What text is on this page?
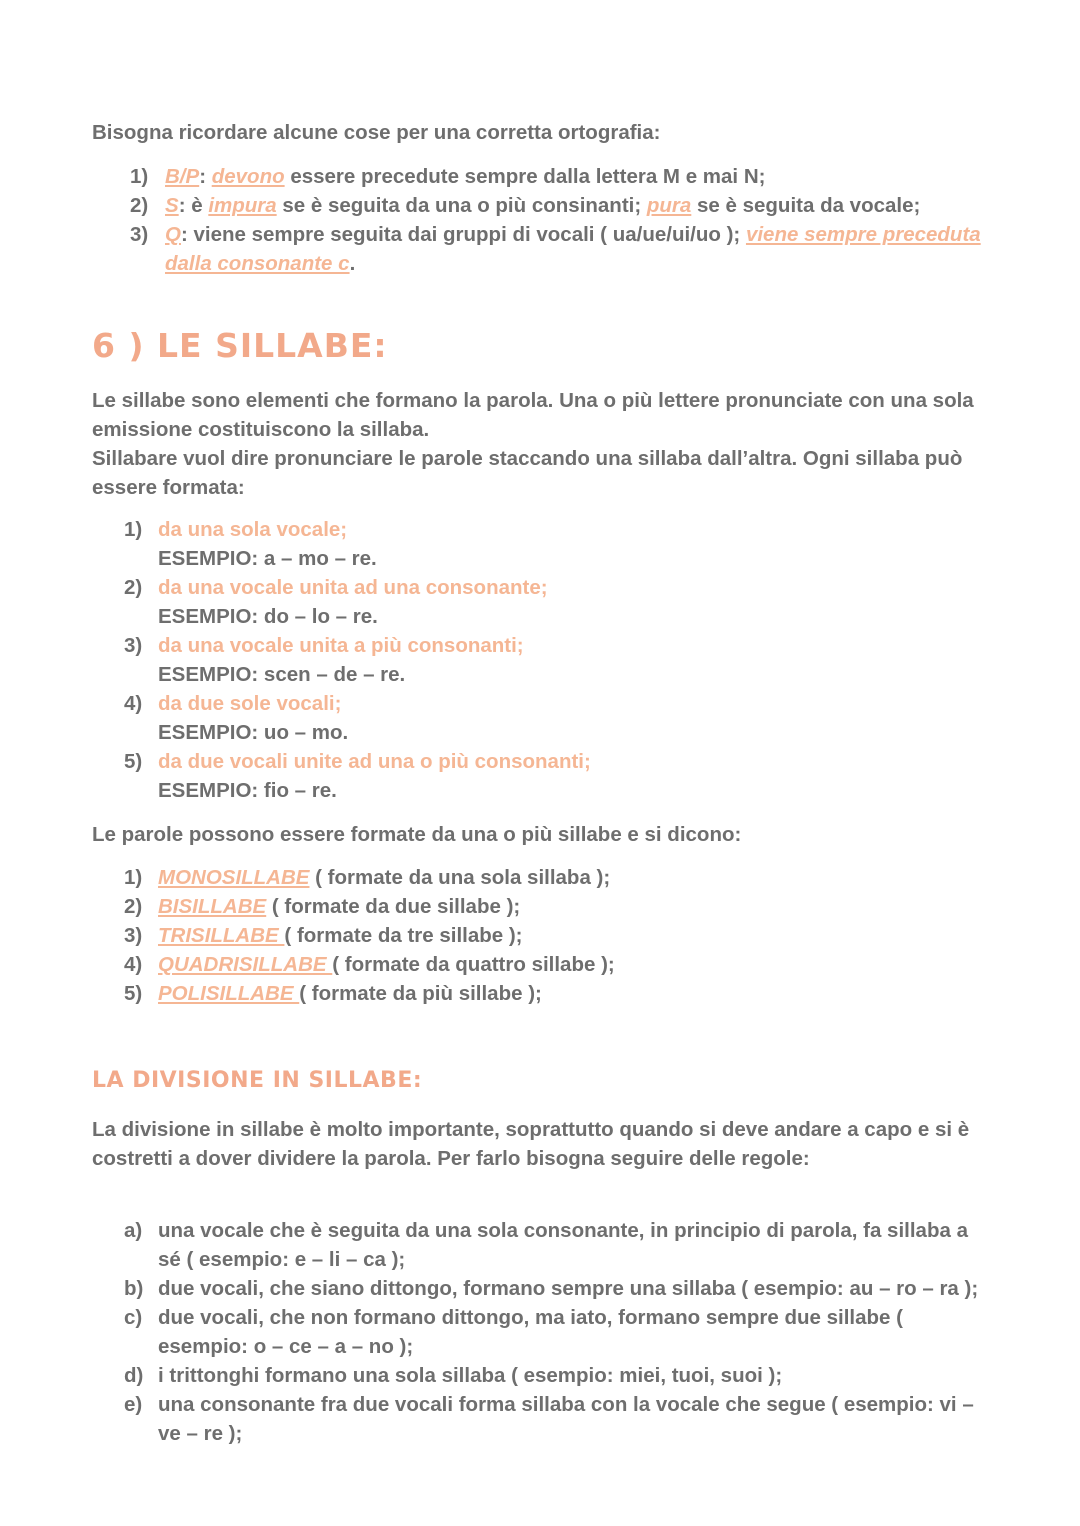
Bisogna ricordare alcune cose per una corretta ortografia:

1) B/P: devono essere precedute sempre dalla lettera M e mai N;
2) S: è impura se è seguita da una o più consinanti; pura se è seguita da vocale;
3) Q: viene sempre seguita dai gruppi di vocali ( ua/ue/ui/uo ); viene sempre preceduta dalla consonante c.
6 ) LE SILLABE:

Le sillabe sono elementi che formano la parola. Una o più lettere pronunciate con una sola emissione costituiscono la sillaba.

Sillabare vuol dire pronunciare le parole staccando una sillaba dall’altra. Ogni sillaba può essere formata:

1) da una sola vocale;
ESEMPIO: a – mo – re.
2) da una vocale unita ad una consonante;
ESEMPIO: do – lo – re.
3) da una vocale unita a più consonanti;
ESEMPIO: scen – de – re.
4) da due sole vocali;
ESEMPIO: uo – mo.
5) da due vocali unite ad una o più consonanti;
ESEMPIO: fio – re.

Le parole possono essere formate da una o più sillabe e si dicono:

1) MONOSILLABE ( formate da una sola sillaba );
2) BISILLABE ( formate da due sillabe );
3) TRISILLABE ( formate da tre sillabe );
4) QUADRISILLABE ( formate da quattro sillabe );
5) POLISILLABE ( formate da più sillabe );
LA DIVISIONE IN SILLABE:

La divisione in sillabe è molto importante, soprattutto quando si deve andare a capo e si è costretti a dover dividere la parola. Per farlo bisogna seguire delle regole:

a) una vocale che è seguita da una sola consonante, in principio di parola, fa sillaba a sé ( esempio: e – li – ca );
b) due vocali, che siano dittongo, formano sempre una sillaba ( esempio: au – ro – ra );
c) due vocali, che non formano dittongo, ma iato, formano sempre due sillabe ( esempio: o – ce – a – no );
d) i trittonghi formano una sola sillaba ( esempio: miei, tuoi, suoi );
e) una consonante fra due vocali forma sillaba con la vocale che segue ( esempio: vi – ve – re );
